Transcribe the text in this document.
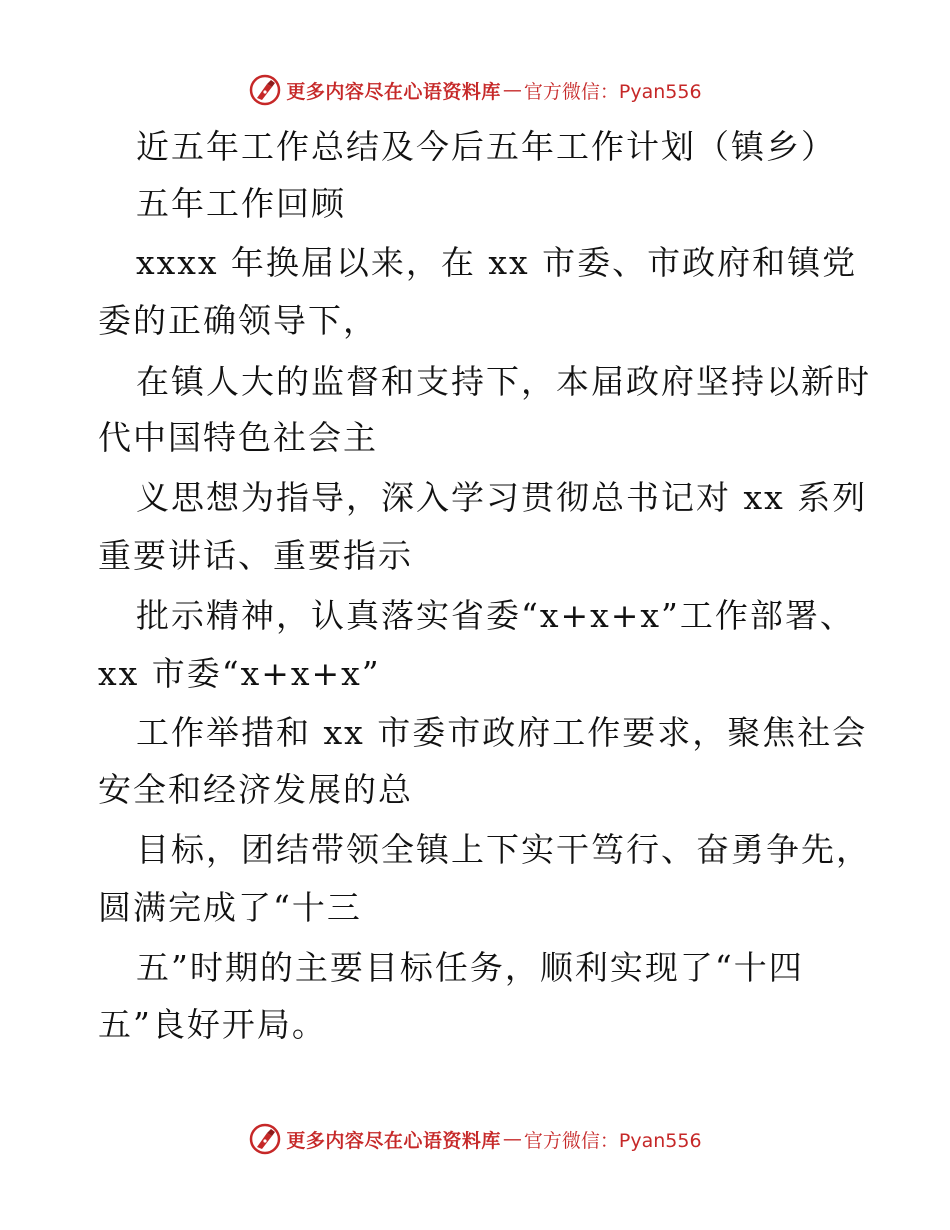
更多内容尽在心语资料库 — 官方微信：Pyan556

近五年工作总结及今后五年工作计划（镇乡）

五年工作回顾

xxxx 年换届以来，在 xx 市委、市政府和镇党

委的正确领导下，

在镇人大的监督和支持下，本届政府坚持以新时

代中国特色社会主

义思想为指导，深入学习贯彻总书记对 xx 系列

重要讲话、重要指示

批示精神，认真落实省委“x+x+x”工作部署、

xx 市委“x+x+x”

工作举措和 xx 市委市政府工作要求，聚焦社会

安全和经济发展的总

目标，团结带领全镇上下实干笃行、奋勇争先，

圆满完成了“十三

五”时期的主要目标任务，顺利实现了“十四

五”良好开局。

更多内容尽在心语资料库 — 官方微信：Pyan556
